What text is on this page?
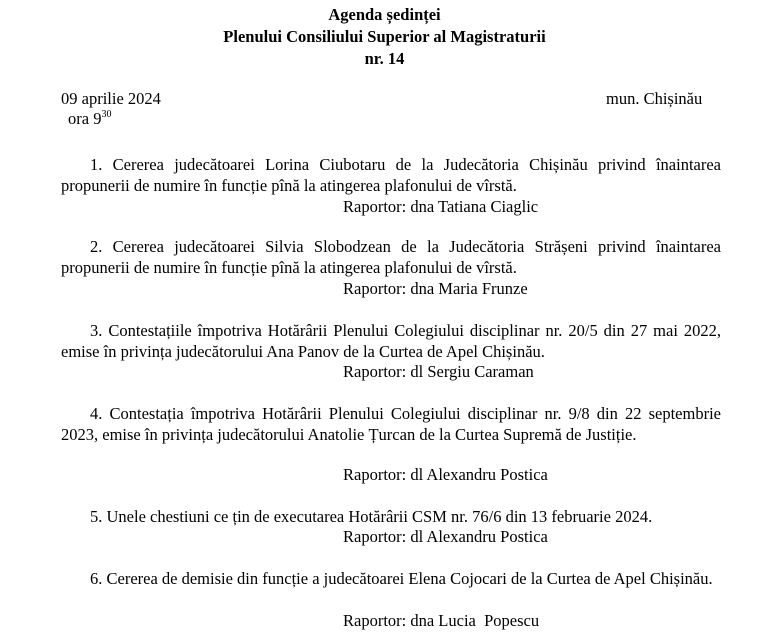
Agenda ședinței
Plenului Consiliului Superior al Magistraturii
nr. 14
09 aprilie 2024	mun. Chișinău
ora $9^{30}$
1. Cererea judecătoarei Lorina Ciubotaru de la Judecătoria Chișinău privind înaintarea propunerii de numire în funcție pînă la atingerea plafonului de vîrstă.
Raportor: dna Tatiana Ciaglic
2. Cererea judecătoarei Silvia Slobodzean de la Judecătoria Strășeni privind înaintarea propunerii de numire în funcție pînă la atingerea plafonului de vîrstă.
Raportor: dna Maria Frunze
3. Contestațiile împotriva Hotărârii Plenului Colegiului disciplinar nr. 20/5 din 27 mai 2022, emise în privința judecătorului Ana Panov de la Curtea de Apel Chișinău.
Raportor: dl Sergiu Caraman
4. Contestația împotriva Hotărârii Plenului Colegiului disciplinar nr. 9/8 din 22 septembrie 2023, emise în privința judecătorului Anatolie Țurcan de la Curtea Supremă de Justiție.
Raportor: dl Alexandru Postica
5. Unele chestiuni ce țin de executarea Hotărârii CSM nr. 76/6 din 13 februarie 2024.
Raportor: dl Alexandru Postica
6. Cererea de demisie din funcție a judecătoarei Elena Cojocari de la Curtea de Apel Chișinău.
Raportor: dna Lucia  Popescu
